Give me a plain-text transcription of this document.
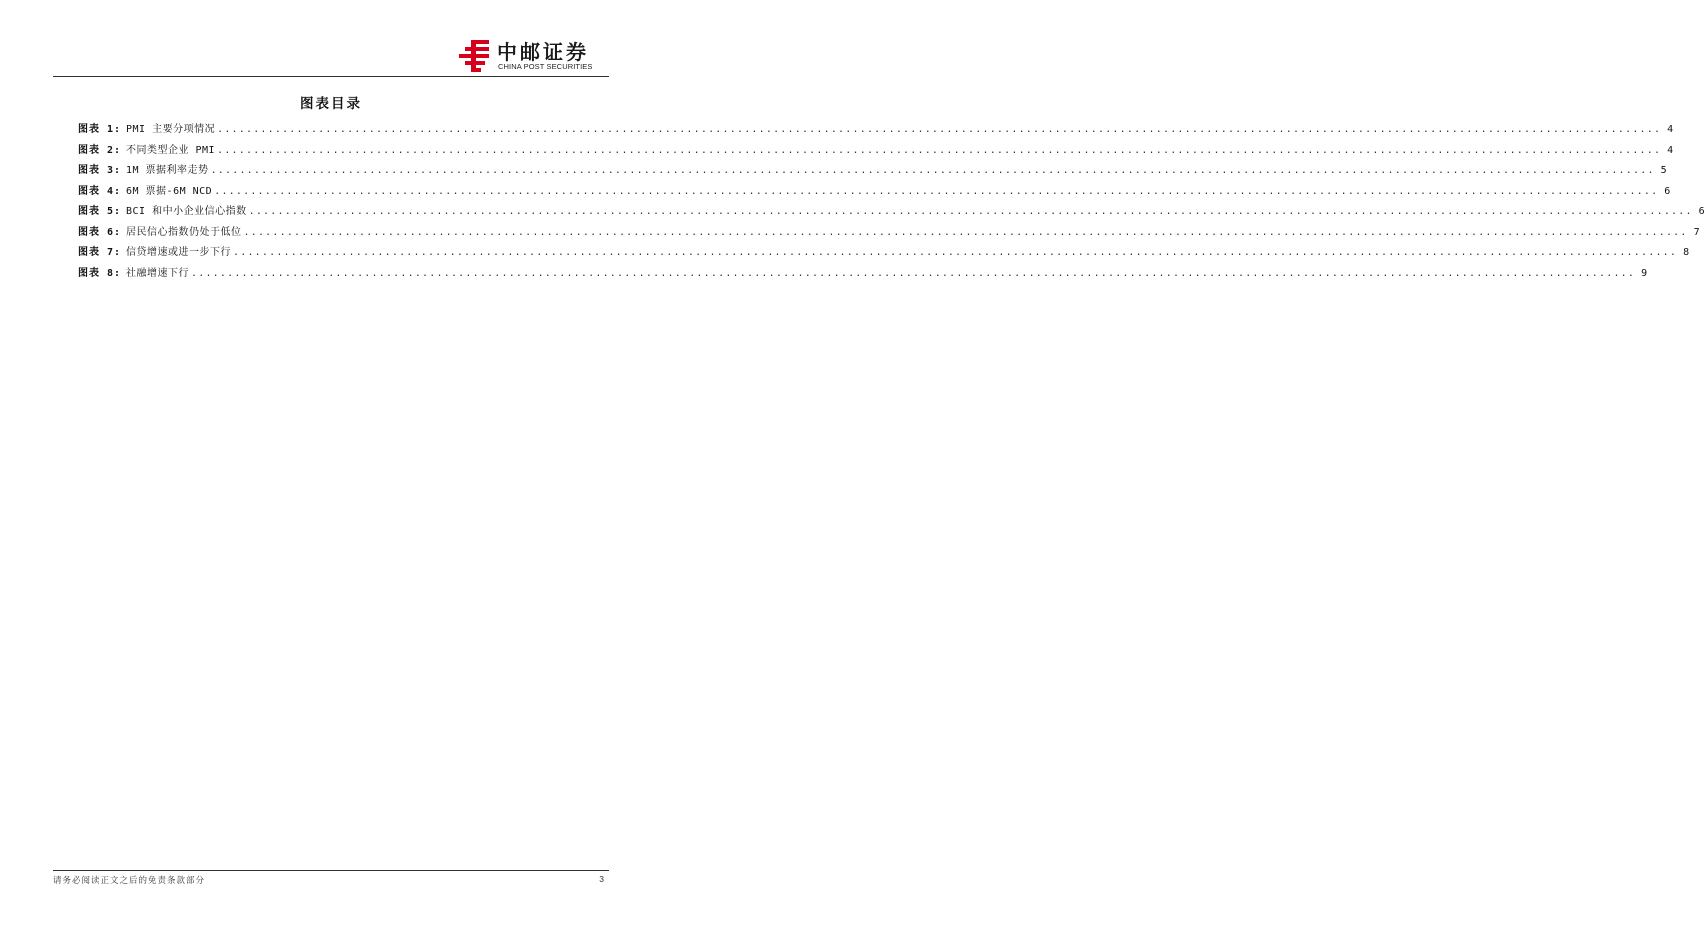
中邮证券
CHINA POST SECURITIES
图表目录
图表 1: PMI 主要分项情况 ........................................................................................................................................................................................................ 4
图表 2: 不同类型企业 PMI ........................................................................................................................................................................................................ 4
图表 3: 1M 票据利率走势 ........................................................................................................................................................................................................ 5
图表 4: 6M 票据-6M NCD ........................................................................................................................................................................................................ 6
图表 5: BCI 和中小企业信心指数 ........................................................................................................................................................................................................ 6
图表 6: 居民信心指数仍处于低位 ........................................................................................................................................................................................................ 7
图表 7: 信贷增速或进一步下行 ........................................................................................................................................................................................................ 8
图表 8: 社融增速下行 ........................................................................................................................................................................................................ 9
请务必阅读正文之后的免责条款部分	3
